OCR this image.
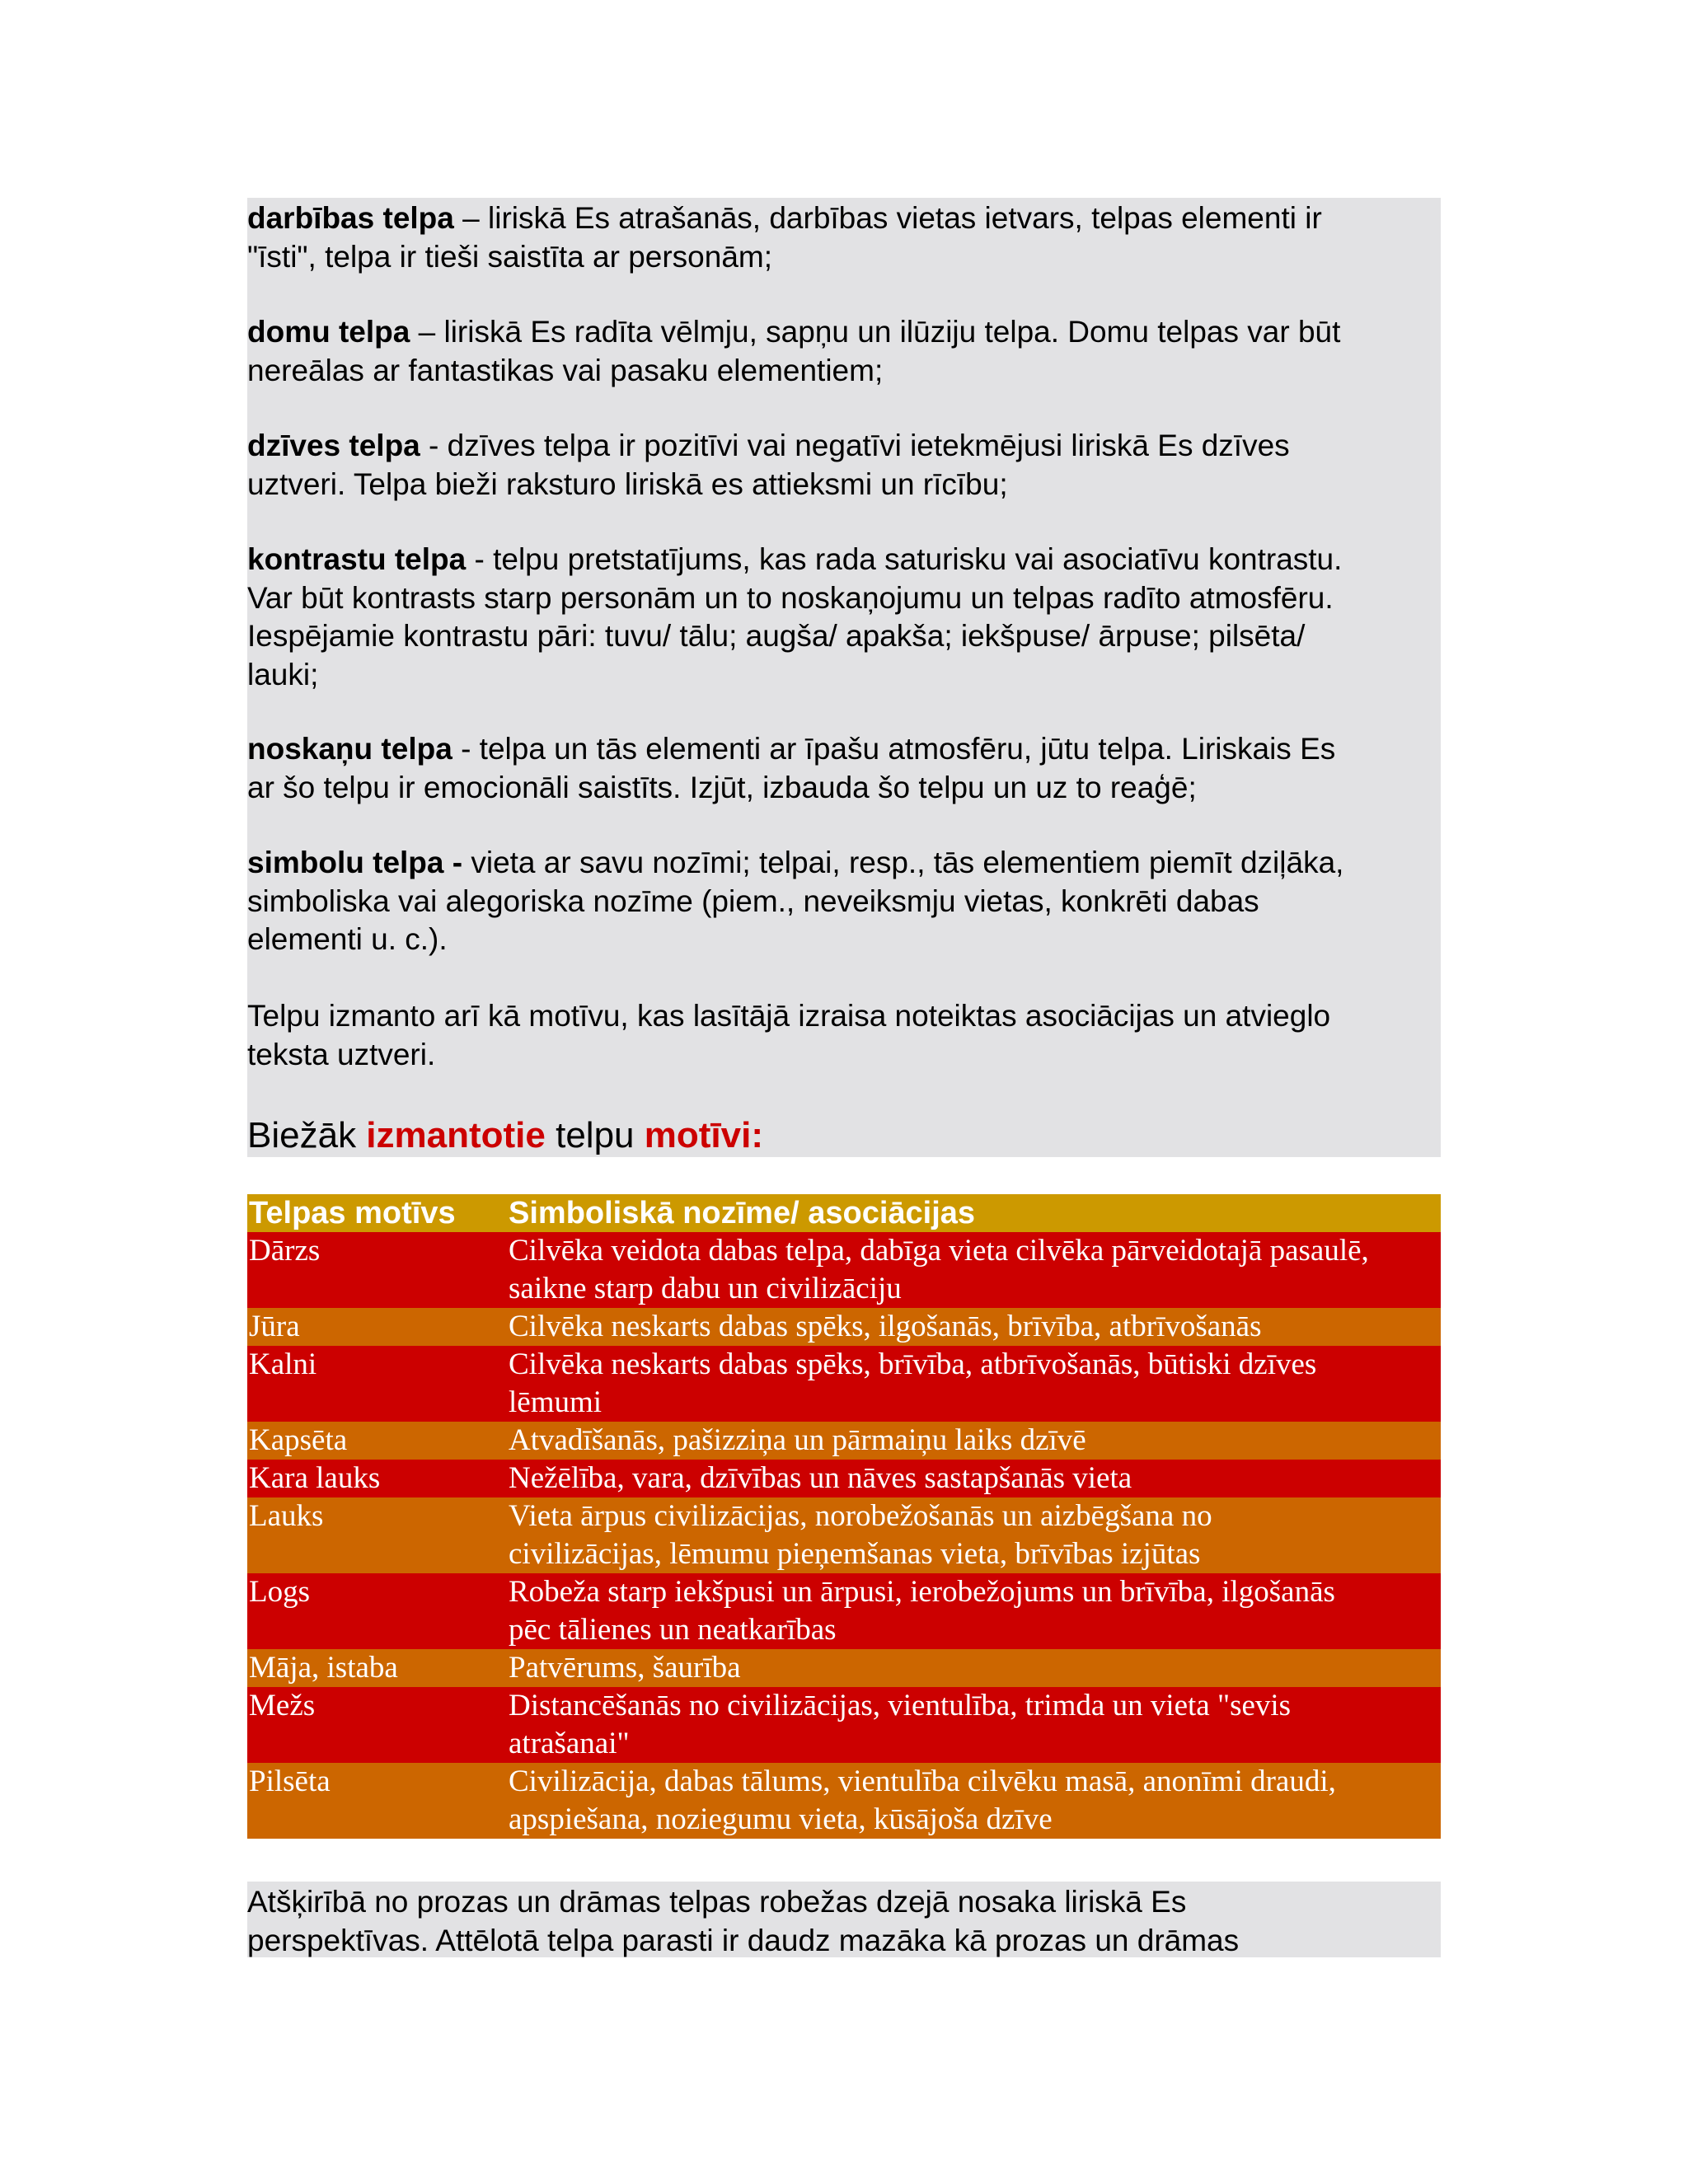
darbības telpa – liriskā Es atrašanās, darbības vietas ietvars, telpas elementi ir
"īsti", telpa ir tieši saistīta ar personām;

domu telpa – liriskā Es radīta vēlmju, sapņu un ilūziju telpa. Domu telpas var būt
nereālas ar fantastikas vai pasaku elementiem;

dzīves telpa - dzīves telpa ir pozitīvi vai negatīvi ietekmējusi liriskā Es dzīves
uztveri. Telpa bieži raksturo liriskā es attieksmi un rīcību;

kontrastu telpa - telpu pretstatījums, kas rada saturisku vai asociatīvu kontrastu.
Var būt kontrasts starp personām un to noskaņojumu un telpas radīto atmosfēru.
Iespējamie kontrastu pāri: tuvu/ tālu; augša/ apakša; iekšpuse/ ārpuse; pilsēta/
lauki;

noskaņu telpa - telpa un tās elementi ar īpašu atmosfēru, jūtu telpa. Liriskais Es
ar šo telpu ir emocionāli saistīts. Izjūt, izbauda šo telpu un uz to reaģē;

simbolu telpa - vieta ar savu nozīmi; telpai, resp., tās elementiem piemīt dziļāka,
simboliska vai alegoriska nozīme (piem., neveiksmju vietas, konkrēti dabas
elementi u. c.).

Telpu izmanto arī kā motīvu, kas lasītājā izraisa noteiktas asociācijas un atvieglo
teksta uztveri.

Biežāk izmantotie telpu motīvi:
Telpas motīvs	Simboliskā nozīme/ asociācijas
Dārzs	Cilvēka veidota dabas telpa, dabīga vieta cilvēka pārveidotajā pasaulē,
saikne starp dabu un civilizāciju

Jūra	Cilvēka neskarts dabas spēks, ilgošanās, brīvība, atbrīvošanās

Kalni	Cilvēka neskarts dabas spēks, brīvība, atbrīvošanās, būtiski dzīves
lēmumi

Kapsēta	Atvadīšanās, pašizziņa un pārmaiņu laiks dzīvē

Kara lauks	Nežēlība, vara, dzīvības un nāves sastapšanās vieta

Lauks	Vieta ārpus civilizācijas, norobežošanās un aizbēgšana no
civilizācijas, lēmumu pieņemšanas vieta, brīvības izjūtas

Logs	Robeža starp iekšpusi un ārpusi, ierobežojums un brīvība, ilgošanās
pēc tālienes un neatkarības

Māja, istaba	Patvērums, šaurība

Mežs	Distancēšanās no civilizācijas, vientulība, trimda un vieta "sevis
atrašanai"

Pilsēta	Civilizācija, dabas tālums, vientulība cilvēku masā, anonīmi draudi,
apspiešana, noziegumu vieta, kūsājoša dzīve

Atšķirībā no prozas un drāmas telpas robežas dzejā nosaka liriskā Es
perspektīvas. Attēlotā telpa parasti ir daudz mazāka kā prozas un drāmas
